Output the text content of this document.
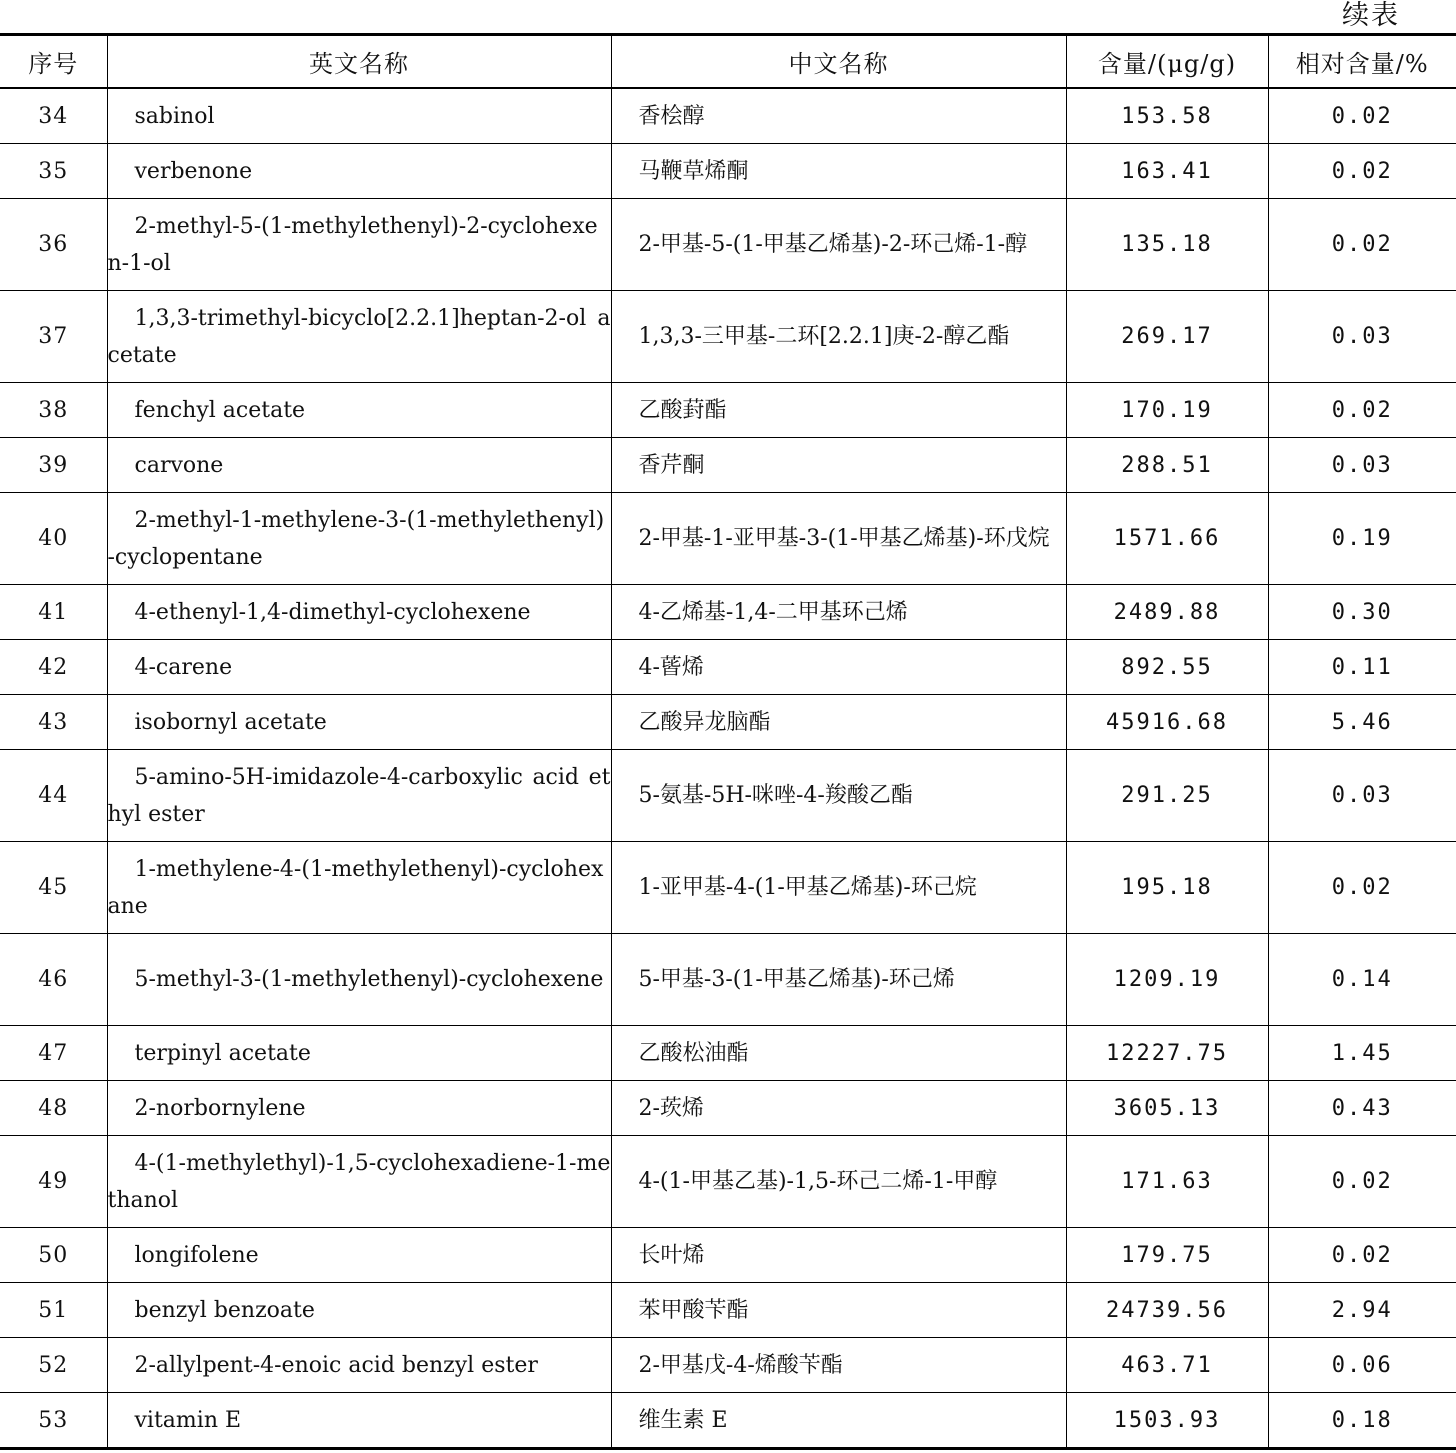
续表
序号	英文名称	中文名称	含量/(μg/g)	相对含量/%
34	sabinol	香桧醇	153.58	0.02
35	verbenone	马鞭草烯酮	163.41	0.02
36	2-methyl-5-(1-methylethenyl)-2-cyclohexen-1-ol	2-甲基-5-(1-甲基乙烯基)-2-环己烯-1-醇	135.18	0.02
37	1,3,3-trimethyl-bicyclo[2.2.1]heptan-2-ol acetate	1,3,3-三甲基-二环[2.2.1]庚-2-醇乙酯	269.17	0.03
38	fenchyl acetate	乙酸葑酯	170.19	0.02
39	carvone	香芹酮	288.51	0.03
40	2-methyl-1-methylene-3-(1-methylethenyl)-cyclopentane	2-甲基-1-亚甲基-3-(1-甲基乙烯基)-环戊烷	1571.66	0.19
41	4-ethenyl-1,4-dimethyl-cyclohexene	4-乙烯基-1,4-二甲基环己烯	2489.88	0.30
42	4-carene	4-蒈烯	892.55	0.11
43	isobornyl acetate	乙酸异龙脑酯	45916.68	5.46
44	5-amino-5H-imidazole-4-carboxylic acid ethyl ester	5-氨基-5H-咪唑-4-羧酸乙酯	291.25	0.03
45	1-methylene-4-(1-methylethenyl)-cyclohexane	1-亚甲基-4-(1-甲基乙烯基)-环己烷	195.18	0.02
46	5-methyl-3-(1-methylethenyl)-cyclohexene	5-甲基-3-(1-甲基乙烯基)-环己烯	1209.19	0.14
47	terpinyl acetate	乙酸松油酯	12227.75	1.45
48	2-norbornylene	2-莰烯	3605.13	0.43
49	4-(1-methylethyl)-1,5-cyclohexadiene-1-methanol	4-(1-甲基乙基)-1,5-环己二烯-1-甲醇	171.63	0.02
50	longifolene	长叶烯	179.75	0.02
51	benzyl benzoate	苯甲酸苄酯	24739.56	2.94
52	2-allylpent-4-enoic acid benzyl ester	2-甲基戊-4-烯酸苄酯	463.71	0.06
53	vitamin E	维生素 E	1503.93	0.18
